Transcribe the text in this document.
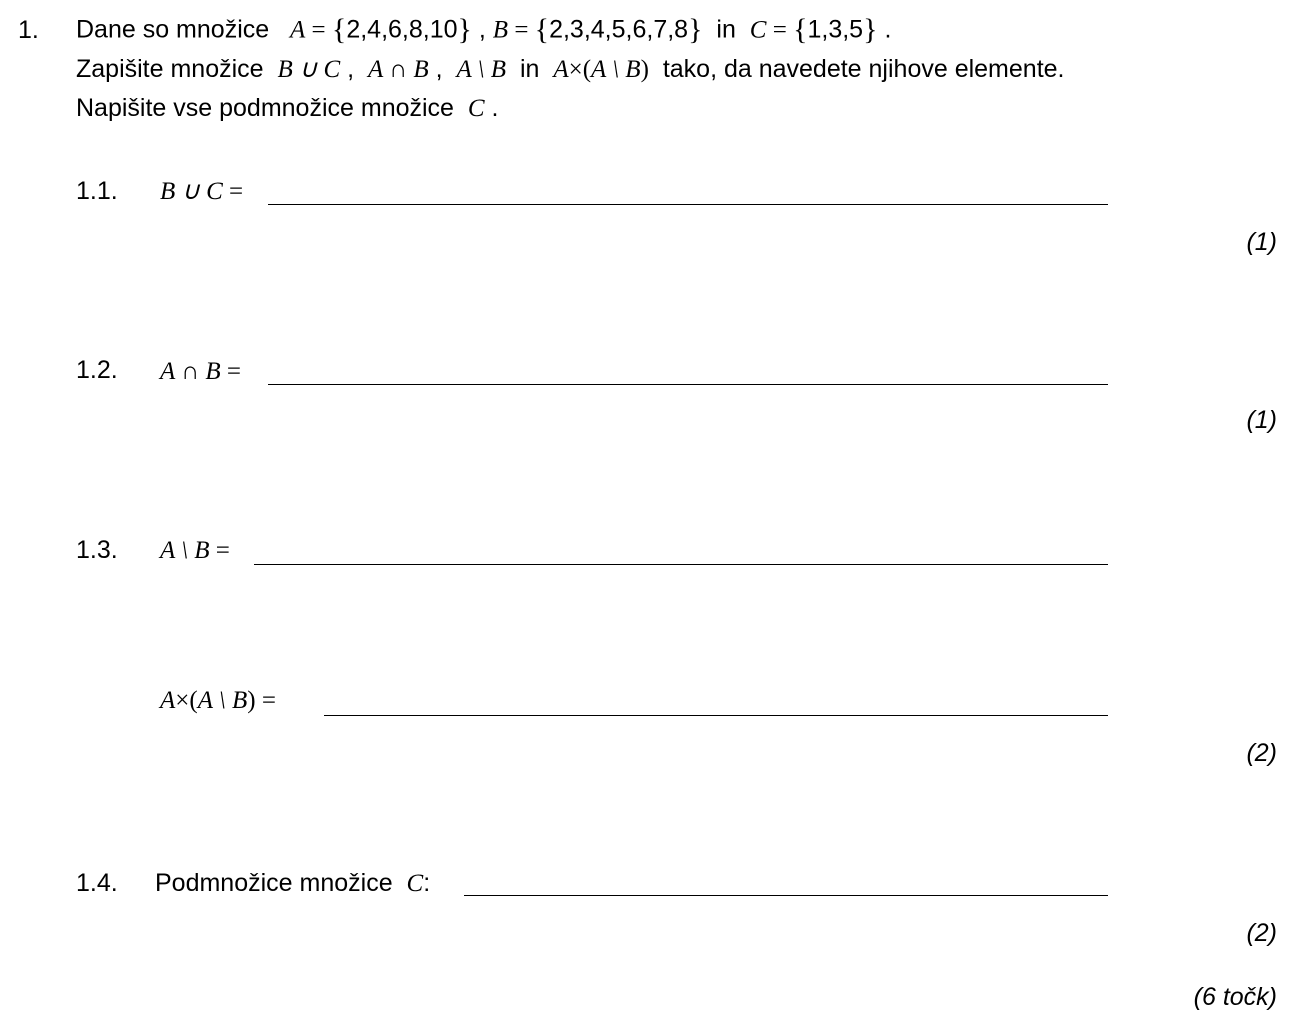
1. Dane so množice A = {2,4,6,8,10} , B = {2,3,4,5,6,7,8} in C = {1,3,5} .
Zapišite množice B ∪ C ,  A ∩ B ,  A \ B in A×(A \ B) tako, da navedete njihove elemente.
Napišite vse podmnožice množice C .
1.1. B ∪ C =
(1)
1.2. A ∩ B =
(1)
1.3. A \ B =
A×(A \ B) =
(2)
1.4. Podmnožice množice C:
(2)
(6 točk)
